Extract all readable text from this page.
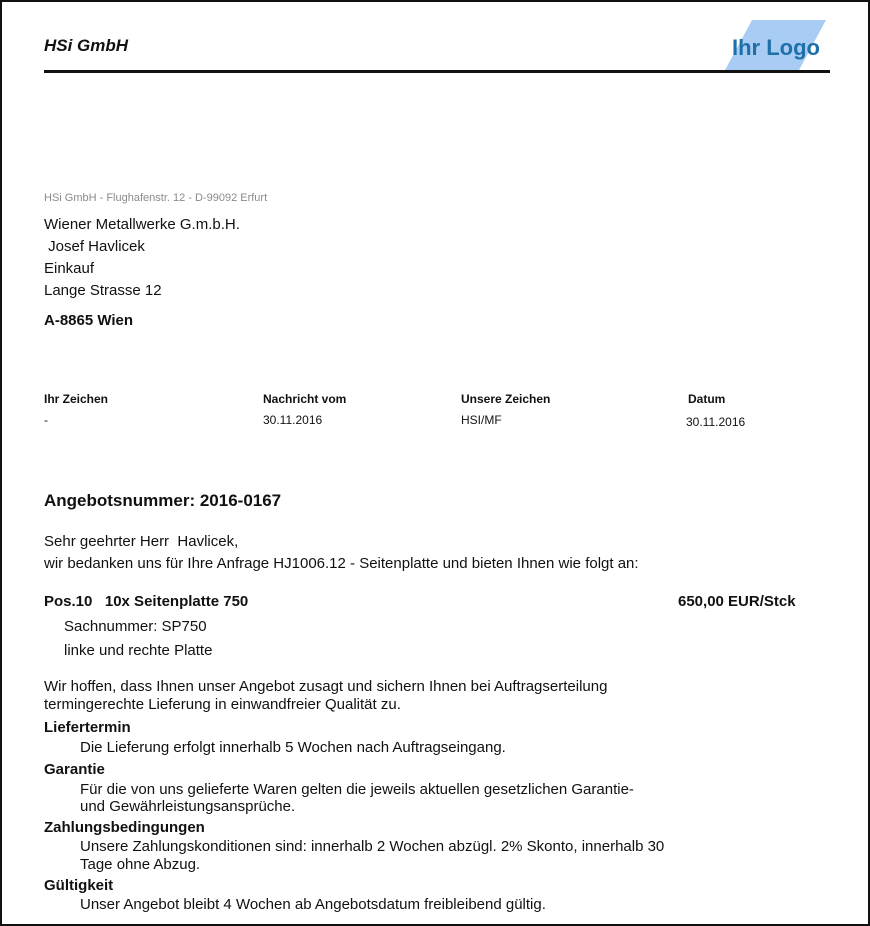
HSi GmbH	Ihr Logo
HSi GmbH - Flughafenstr. 12 - D-99092 Erfurt
Wiener Metallwerke G.m.b.H.
Josef Havlicek
Einkauf
Lange Strasse 12
A-8865 Wien
Ihr Zeichen
-
Nachricht vom
30.11.2016
Unsere Zeichen
HSI/MF
Datum
30.11.2016
Angebotsnummer: 2016-0167
Sehr geehrter Herr  Havlicek,
wir bedanken uns für Ihre Anfrage HJ1006.12 - Seitenplatte und bieten Ihnen wie folgt an:
Pos.10   10x Seitenplatte 750	650,00 EUR/Stck
Sachnummer: SP750
linke und rechte Platte
Wir hoffen, dass Ihnen unser Angebot zusagt und sichern Ihnen bei Auftragserteilung
termingerechte Lieferung in einwandfreier Qualität zu.
Liefertermin
Die Lieferung erfolgt innerhalb 5 Wochen nach Auftragseingang.
Garantie
Für die von uns gelieferte Waren gelten die jeweils aktuellen gesetzlichen Garantie-
und Gewährleistungsansprüche.
Zahlungsbedingungen
Unsere Zahlungskonditionen sind: innerhalb 2 Wochen abzügl. 2% Skonto, innerhalb 30
Tage ohne Abzug.
Gültigkeit
Unser Angebot bleibt 4 Wochen ab Angebotsdatum freibleibend gültig.
